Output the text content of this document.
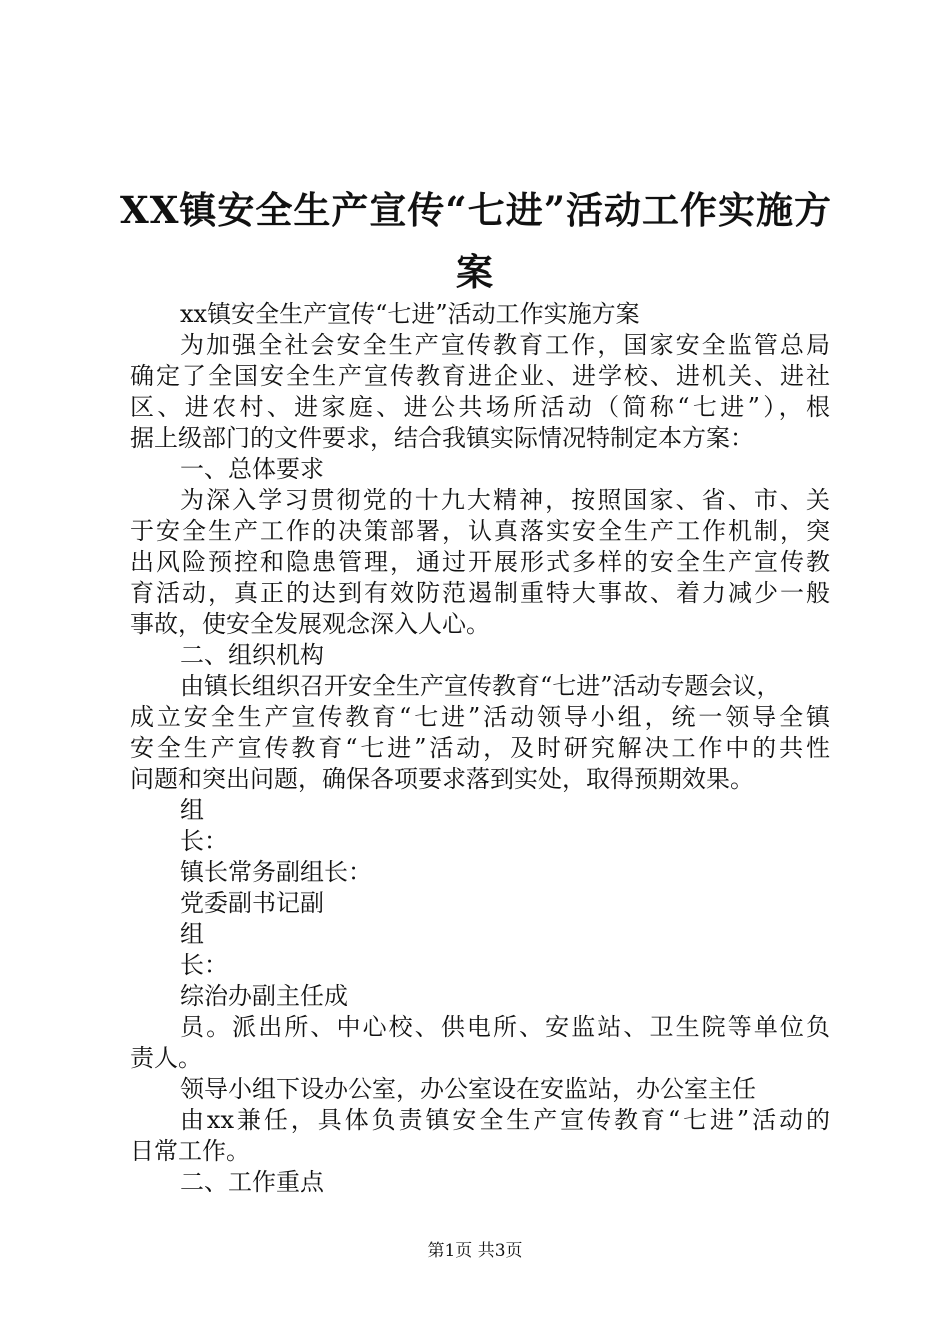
XX镇安全生产宣传“七进”活动工作实施方
案
xx镇安全生产宣传“七进”活动工作实施方案
为加强全社会安全生产宣传教育工作，国家安全监管总局
确定了全国安全生产宣传教育进企业、进学校、进机关、进社
区、进农村、进家庭、进公共场所活动（简称“七进”），根
据上级部门的文件要求，结合我镇实际情况特制定本方案：
一、总体要求
为深入学习贯彻党的十九大精神，按照国家、省、市、关
于安全生产工作的决策部署，认真落实安全生产工作机制，突
出风险预控和隐患管理，通过开展形式多样的安全生产宣传教
育活动，真正的达到有效防范遏制重特大事故、着力减少一般
事故，使安全发展观念深入人心。
二、组织机构
由镇长组织召开安全生产宣传教育“七进”活动专题会议，
成立安全生产宣传教育“七进”活动领导小组，统一领导全镇
安全生产宣传教育“七进”活动，及时研究解决工作中的共性
问题和突出问题，确保各项要求落到实处，取得预期效果。
组
长：
镇长常务副组长：
党委副书记副
组
长：
综治办副主任成
员。派出所、中心校、供电所、安监站、卫生院等单位负
责人。
领导小组下设办公室，办公室设在安监站，办公室主任
由xx兼任，具体负责镇安全生产宣传教育“七进”活动的
日常工作。
二、工作重点
第1页 共3页
